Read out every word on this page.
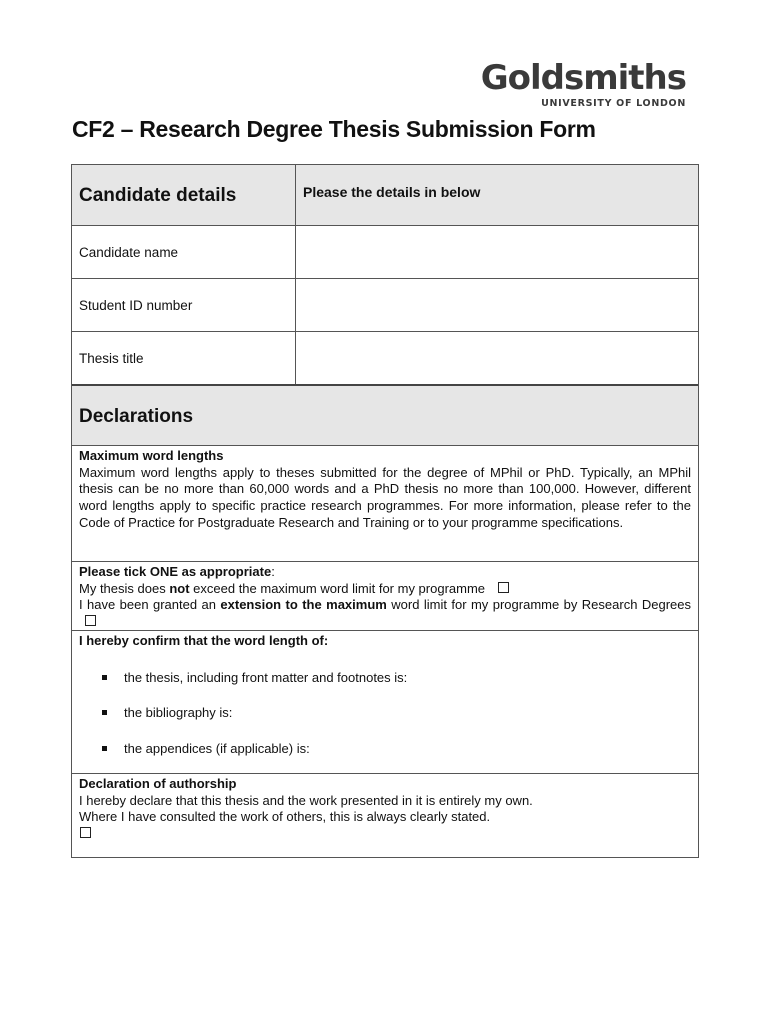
Goldsmiths
UNIVERSITY OF LONDON
CF2 – Research Degree Thesis Submission Form
Candidate details	Please the details in below
Candidate name
Student ID number
Thesis title
Declarations
Maximum word lengths
Maximum word lengths apply to theses submitted for the degree of MPhil or PhD. Typically, an MPhil thesis can be no more than 60,000 words and a PhD thesis no more than 100,000. However, different word lengths apply to specific practice research programmes. For more information, please refer to the Code of Practice for Postgraduate Research and Training or to your programme specifications.
Please tick ONE as appropriate:
My thesis does not exceed the maximum word limit for my programme
I have been granted an extension to the maximum word limit for my programme by Research Degrees
I hereby confirm that the word length of:
the thesis, including front matter and footnotes is:
the bibliography is:
the appendices (if applicable) is:
Declaration of authorship
I hereby declare that this thesis and the work presented in it is entirely my own.
Where I have consulted the work of others, this is always clearly stated.
